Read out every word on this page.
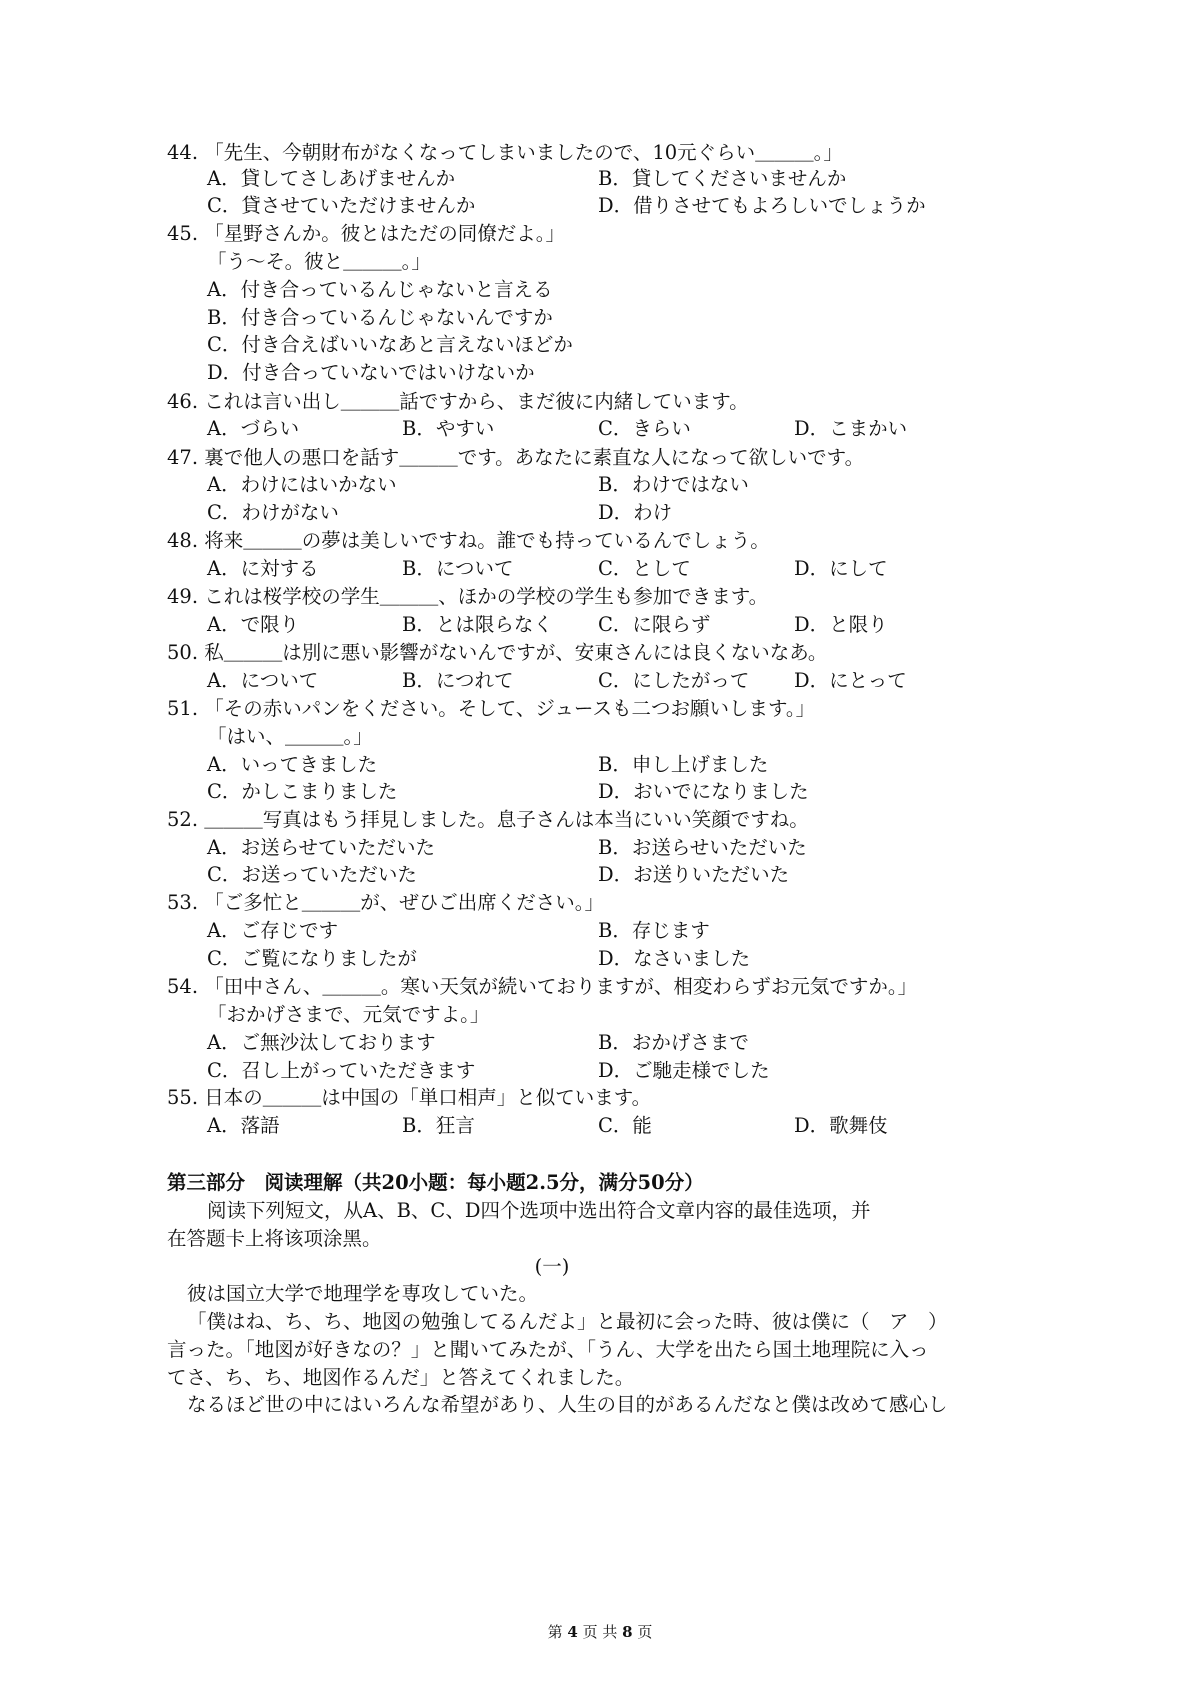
44. 「先生、今朝財布がなくなってしまいましたので、10元ぐらい＿＿＿。」
A．貸してさしあげませんか	B．貸してくださいませんか
C．貸させていただけませんか	D．借りさせてもよろしいでしょうか
45. 「星野さんか。彼とはただの同僚だよ。」
「う～そ。彼と＿＿＿。」
A．付き合っているんじゃないと言える
B．付き合っているんじゃないんですか
C．付き合えばいいなあと言えないほどか
D．付き合っていないではいけないか
46. これは言い出し＿＿＿話ですから、まだ彼に内緒しています。
A．づらい	B．やすい	C．きらい	D．こまかい
47. 裏で他人の悪口を話す＿＿＿です。あなたに素直な人になって欲しいです。
A．わけにはいかない	B．わけではない
C．わけがない	D．わけ
48. 将来＿＿＿の夢は美しいですね。誰でも持っているんでしょう。
A．に対する	B．について	C．として	D．にして
49. これは桜学校の学生＿＿＿、ほかの学校の学生も参加できます。
A．で限り	B．とは限らなく C．に限らず	D．と限り
50. 私＿＿＿は別に悪い影響がないんですが、安東さんには良くないなあ。
A．について	B．につれて	C．にしたがって D．にとって
51. 「その赤いパンをください。そして、ジュースも二つお願いします。」
「はい、＿＿＿。」
A．いってきました	B．申し上げました
C．かしこまりました	D．おいでになりました
52. ＿＿＿写真はもう拝見しました。息子さんは本当にいい笑顔ですね。
A．お送らせていただいた	B．お送らせいただいた
C．お送っていただいた	D．お送りいただいた
53. 「ご多忙と＿＿＿が、ぜひご出席ください。」
A．ご存じです	B．存じます
C．ご覧になりましたが	D．なさいました
54. 「田中さん、＿＿＿。寒い天気が続いておりますが、相変わらずお元気ですか。」
「おかげさまで、元気ですよ。」
A．ご無沙汰しております	B．おかげさまで
C．召し上がっていただきます	D．ご馳走様でした
55. 日本の＿＿＿は中国の「単口相声」と似ています。
A．落語	B．狂言	C．能	D．歌舞伎
第三部分　阅读理解（共20小题：每小题2.5分，满分50分）
阅读下列短文，从A、B、C、D四个选项中选出符合文章内容的最佳选项，并
在答题卡上将该项涂黑。
(一)
彼は国立大学で地理学を専攻していた。
「僕はね、ち、ち、地図の勉強してるんだよ」と最初に会った時、彼は僕に（　ア　）
言った。「地図が好きなの？」と聞いてみたが、「うん、大学を出たら国土地理院に入っ
てさ、ち、ち、地図作るんだ」と答えてくれました。
なるほど世の中にはいろんな希望があり、人生の目的があるんだなと僕は改めて感心し
第 4 页 共 8 页
